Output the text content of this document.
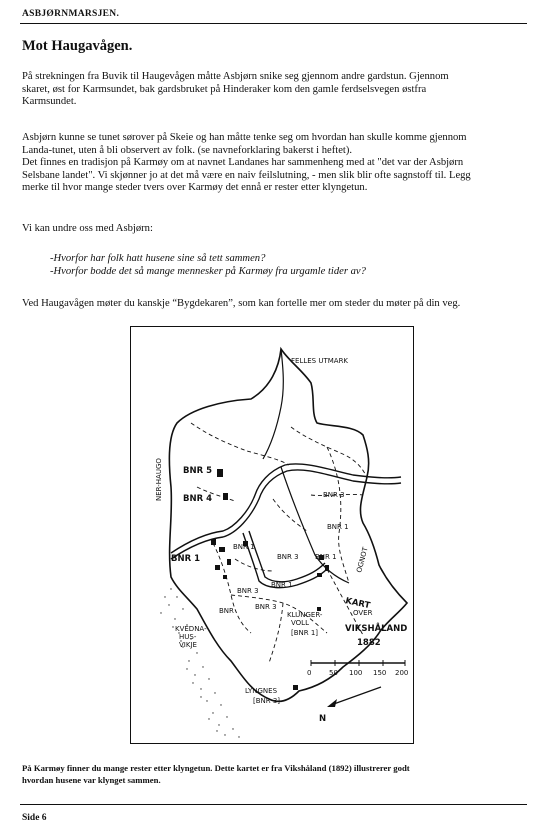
ASBJØRNMARSJEN.
Mot Haugavågen.
På strekningen fra Buvik til Haugevågen måtte Asbjørn snike seg gjennom andre gardstun. Gjennom
skaret, øst for Karmsundet, bak gardsbruket på Hinderaker kom den gamle ferdselsvegen østfra
Karmsundet.
Asbjørn kunne se tunet sørover på Skeie og han måtte tenke seg om hvordan han skulle komme gjennom
Landa-tunet, uten å bli observert av folk. (se navneforklaring bakerst i heftet).
Det finnes en tradisjon på Karmøy om at navnet Landanes har sammenheng med at "det var der Asbjørn
Selsbane landet". Vi skjønner jo at det må være en naiv feilslutning, - men slik blir ofte sagnstoff til. Legg
merke til hvor mange steder tvers over Karmøy det ennå er rester etter klyngetun.
Vi kan undre oss med Asbjørn:
-Hvorfor har folk hatt husene sine så tett sammen?
-Hvorfor bodde det så mange mennesker på Karmøy fra urgamle tider av?
Ved Haugavågen møter du kanskje “Bygdekaren”, som kan fortelle mer om steder du møter på din veg.
FELLES UTMARK
NER-HAUGO BNR 5
BNR 4	BNR 3
BNR 1
BNR 3
BNR 1
BNR 1
BNR 3
BNR
BNR 3
BNR 1
BNR 1
KLUNGER-
VOLL
[BNR 1]
KVEDNA-
HUS-
VIKJE
LYNGNES
[BNR 3]
OGNOT
KART
OVER
VIKSHÅLAND
1882
0	50 100 150 200
N
På Karmøy finner du mange rester etter klyngetun. Dette kartet er fra Vikshåland (1892) illustrerer godt
hvordan husene var klynget sammen.
Side 6
